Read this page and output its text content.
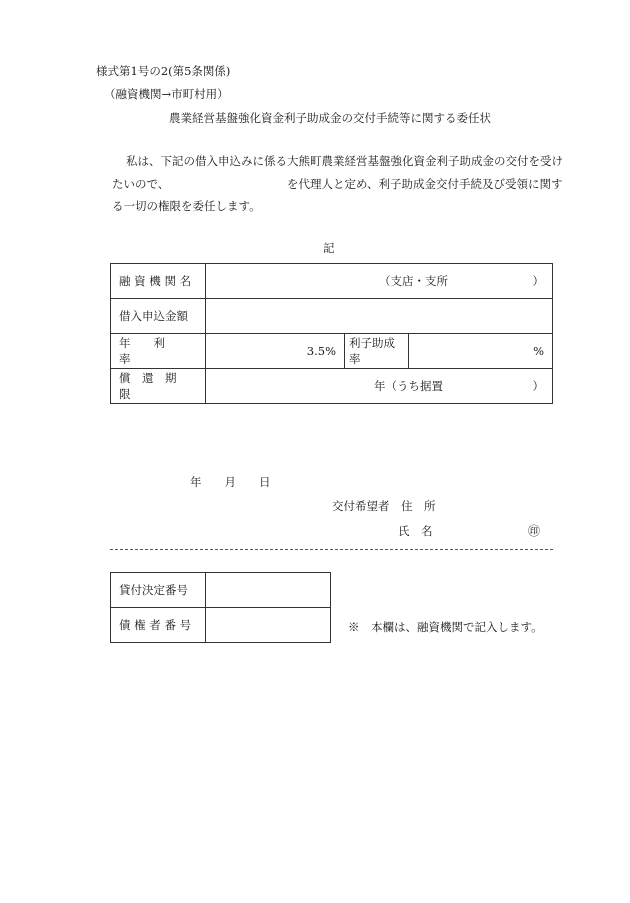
様式第1号の2(第5条関係)
（融資機関→市町村用）
農業経営基盤強化資金利子助成金の交付手続等に関する委任状
私は、下記の借入申込みに係る大熊町農業経営基盤強化資金利子助成金の交付を受け
たいので、	を代理人と定め、利子助成金交付手続及び受領に関す
る一切の権限を委任します。
記
融 資 機 関 名	（支店・支所 ）		

借入申込金額			
年　　利　　率	3.5%	利子助成率	%
償　還　期　限	年（うち据置 ）		
年　　月　　日
交付希望者　住　所
氏　名	㊞
貸付決定番号	
債 権 者 番 号		※　本欄は、融資機関で記入します。
